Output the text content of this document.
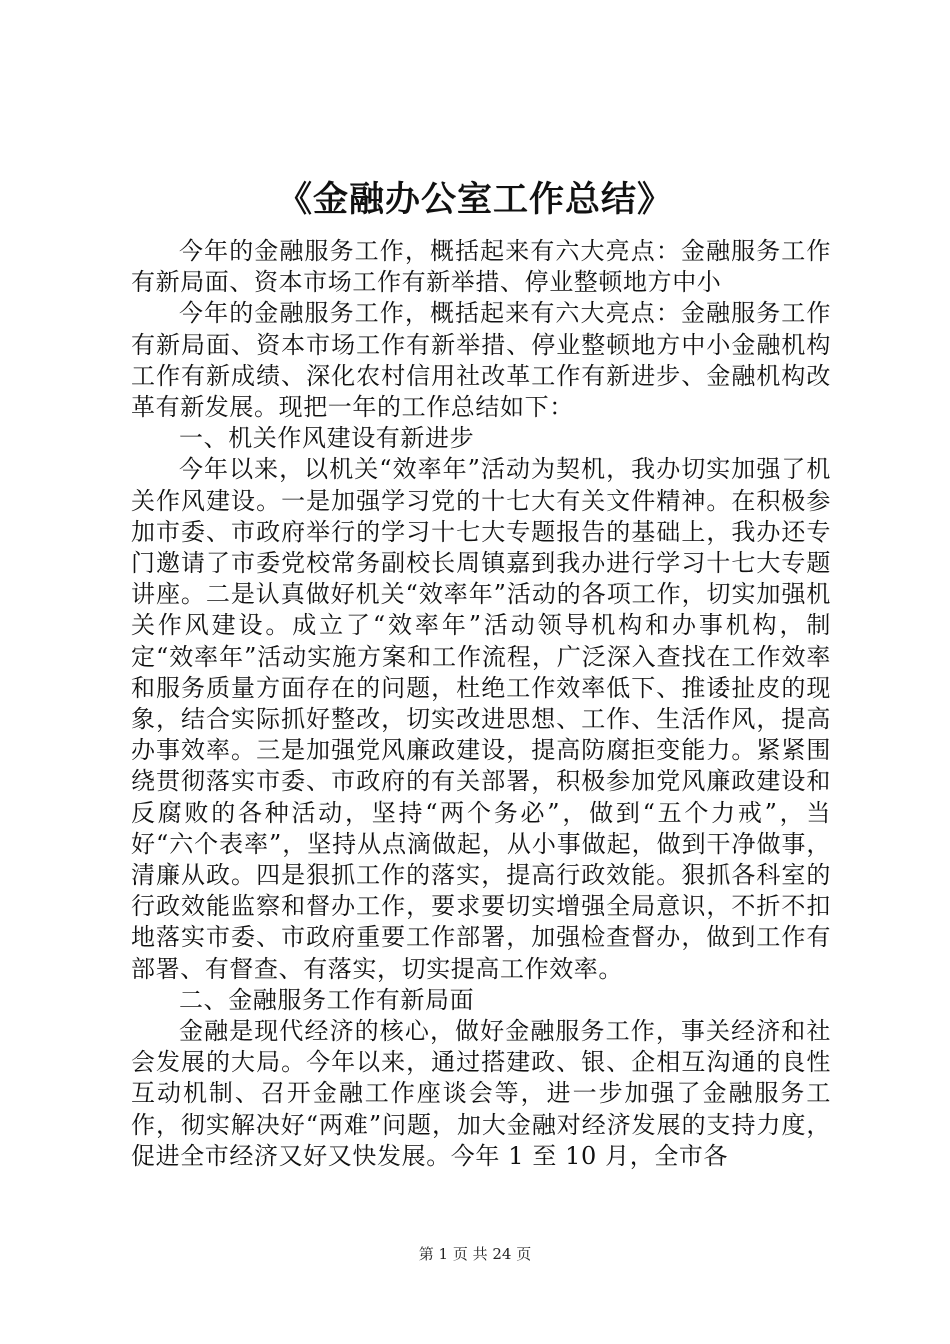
《金融办公室工作总结》

今年的金融服务工作，概括起来有六大亮点：金融服务工作有新局面、资本市场工作有新举措、停业整顿地方中小

今年的金融服务工作，概括起来有六大亮点：金融服务工作有新局面、资本市场工作有新举措、停业整顿地方中小金融机构工作有新成绩、深化农村信用社改革工作有新进步、金融机构改革有新发展。现把一年的工作总结如下：

一、机关作风建设有新进步

今年以来，以机关“效率年”活动为契机，我办切实加强了机关作风建设。一是加强学习党的十七大有关文件精神。在积极参加市委、市政府举行的学习十七大专题报告的基础上，我办还专门邀请了市委党校常务副校长周镇嘉到我办进行学习十七大专题讲座。二是认真做好机关“效率年”活动的各项工作，切实加强机关作风建设。成立了“效率年”活动领导机构和办事机构，制定“效率年”活动实施方案和工作流程，广泛深入查找在工作效率和服务质量方面存在的问题，杜绝工作效率低下、推诿扯皮的现象，结合实际抓好整改，切实改进思想、工作、生活作风，提高办事效率。三是加强党风廉政建设，提高防腐拒变能力。紧紧围绕贯彻落实市委、市政府的有关部署，积极参加党风廉政建设和反腐败的各种活动，坚持“两个务必”，做到“五个力戒”，当好“六个表率”，坚持从点滴做起，从小事做起，做到干净做事，清廉从政。四是狠抓工作的落实，提高行政效能。狠抓各科室的行政效能监察和督办工作，要求要切实增强全局意识，不折不扣地落实市委、市政府重要工作部署，加强检查督办，做到工作有部署、有督查、有落实，切实提高工作效率。

二、金融服务工作有新局面

金融是现代经济的核心，做好金融服务工作，事关经济和社会发展的大局。今年以来，通过搭建政、银、企相互沟通的良性互动机制、召开金融工作座谈会等，进一步加强了金融服务工作，彻实解决好“两难”问题，加大金融对经济发展的支持力度，促进全市经济又好又快发展。今年 1 至 10 月，全市各

第 1 页 共 24 页
